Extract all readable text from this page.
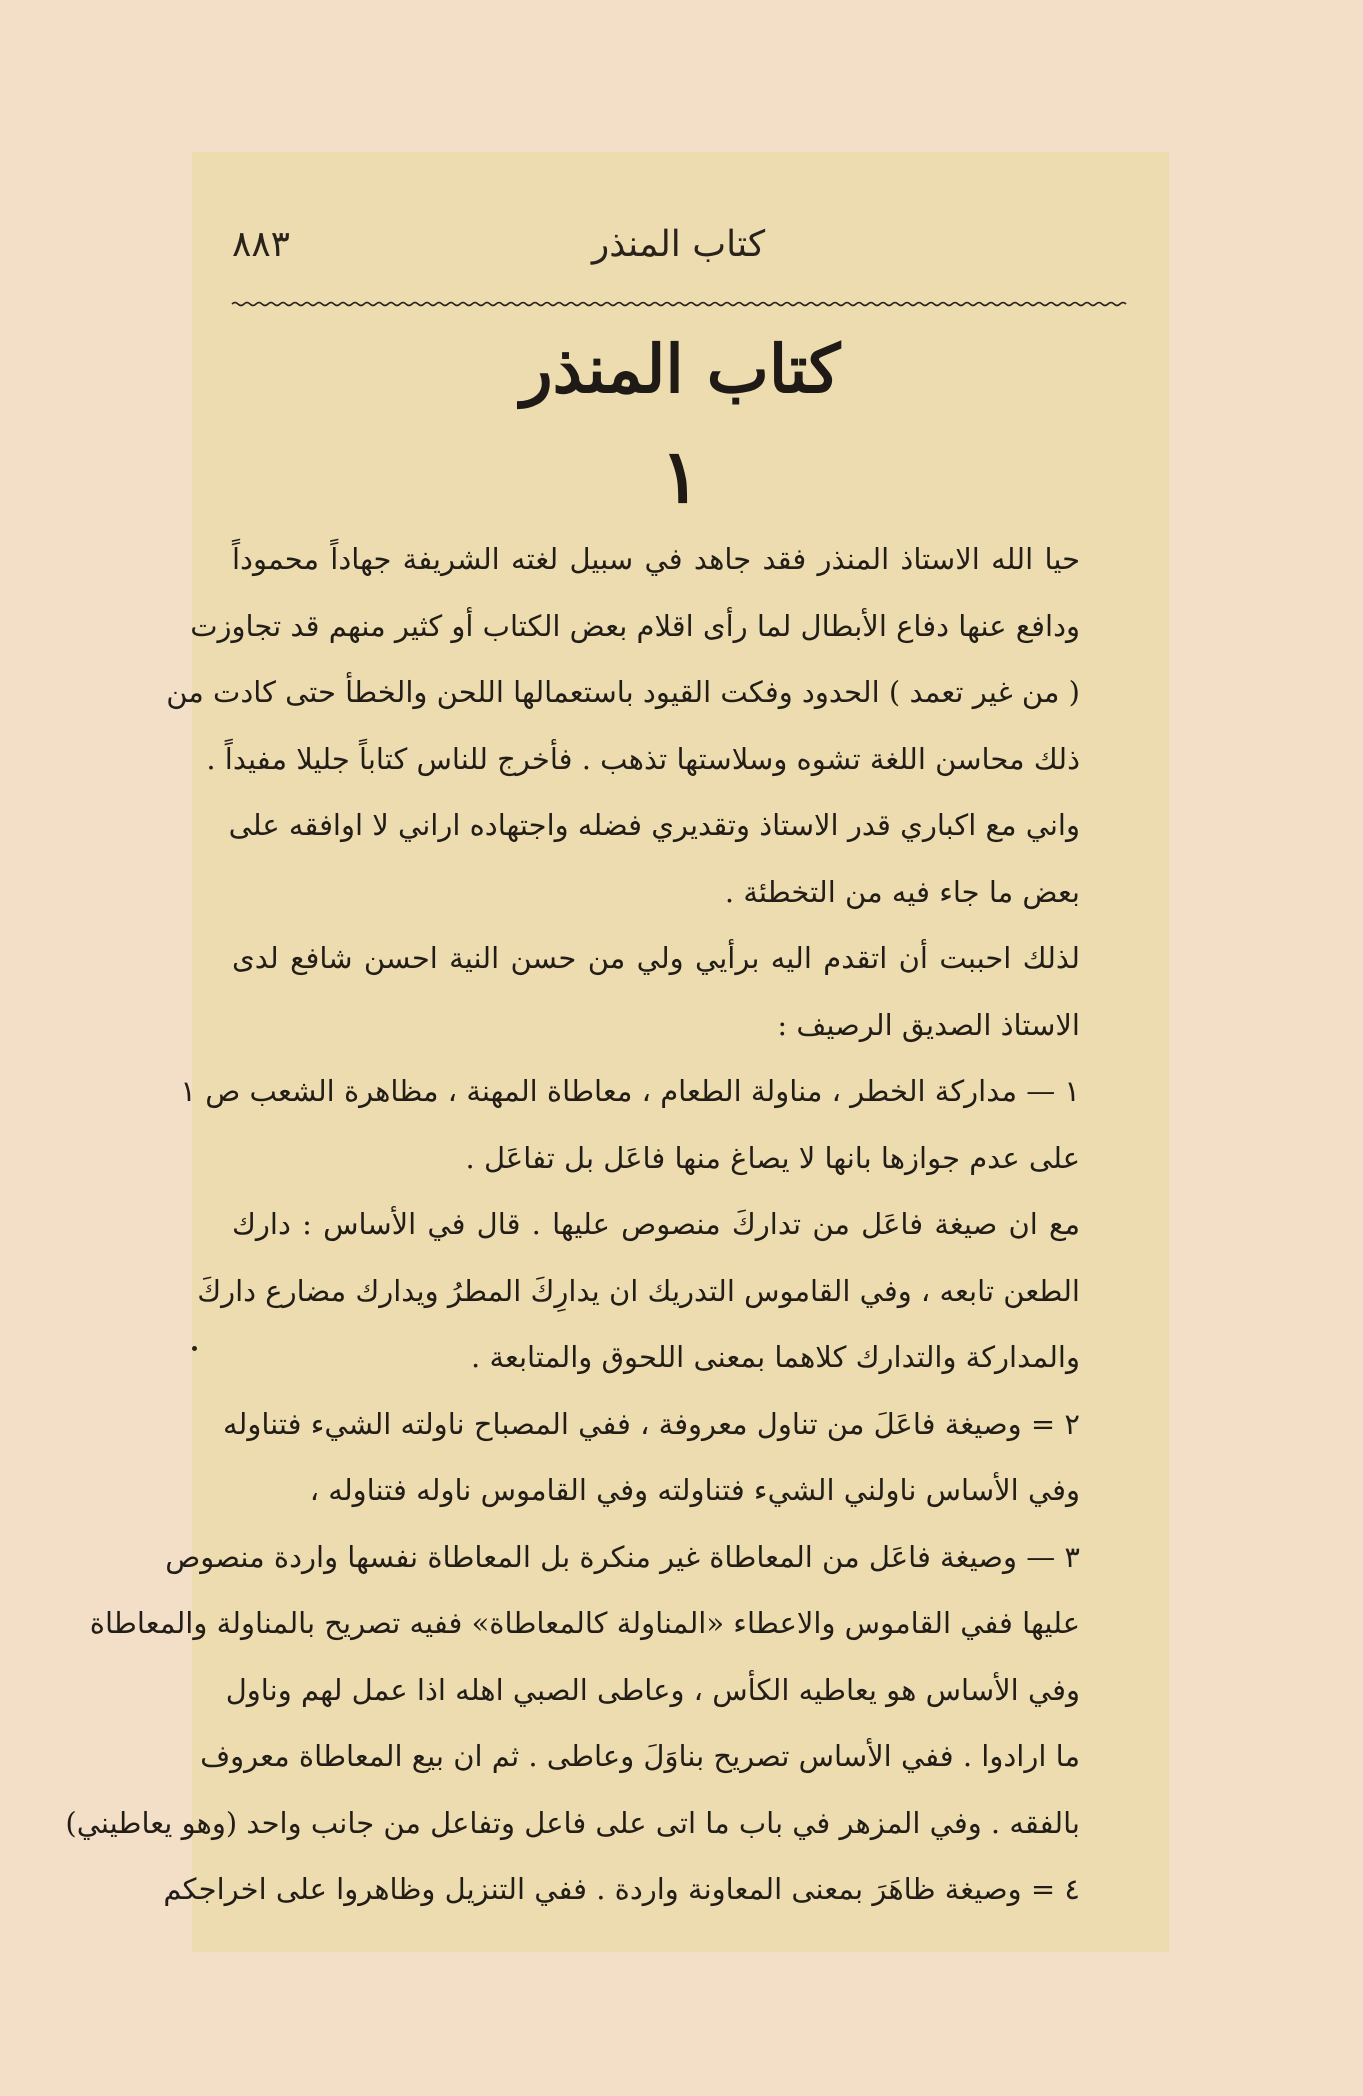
كتاب المنذر
٨٨٣
كتاب المنذر
١

حيا الله الاستاذ المنذر فقد جاهد في سبيل لغته الشريفة جهاداً محموداً
ودافع عنها دفاع الأبطال لما رأى اقلام بعض الكتاب أو كثير منهم قد تجاوزت
( من غير تعمد ) الحدود وفكت القيود باستعمالها اللحن والخطأ حتى كادت من
ذلك محاسن اللغة تشوه وسلاستها تذهب . فأخرج للناس كتاباً جليلا مفيداً .
واني مع اكباري قدر الاستاذ وتقديري فضله واجتهاده اراني لا اوافقه على
بعض ما جاء فيه من التخطئة .

لذلك احببت أن اتقدم اليه برأيي ولي من حسن النية احسن شافع لدى
الاستاذ الصديق الرصيف :

١ — مداركة الخطر ، مناولة الطعام ، معاطاة المهنة ، مظاهرة الشعب ص ١
على عدم جوازها بانها لا يصاغ منها فاعَل بل تفاعَل .

مع ان صيغة فاعَل من تداركَ منصوص عليها . قال في الأساس : دارك
الطعن تابعه ، وفي القاموس التدريك ان يدارِكَ المطرُ ويدارك مضارع داركَ
والمداركة والتدارك كلاهما بمعنى اللحوق والمتابعة .

٢ = وصيغة فاعَلَ من تناول معروفة ، ففي المصباح ناولته الشيء فتناوله
وفي الأساس ناولني الشيء فتناولته وفي القاموس ناوله فتناوله ،

٣ — وصيغة فاعَل من المعاطاة غير منكرة بل المعاطاة نفسها واردة منصوص
عليها ففي القاموس والاعطاء «المناولة كالمعاطاة» ففيه تصريح بالمناولة والمعاطاة
وفي الأساس هو يعاطيه الكأس ، وعاطى الصبي اهله اذا عمل لهم وناول
ما ارادوا . ففي الأساس تصريح بناوَلَ وعاطى . ثم ان بيع المعاطاة معروف
بالفقه . وفي المزهر في باب ما اتى على فاعل وتفاعل من جانب واحد (وهو يعاطيني)

٤ = وصيغة ظاهَرَ بمعنى المعاونة واردة . ففي التنزيل وظاهروا على اخراجكم
